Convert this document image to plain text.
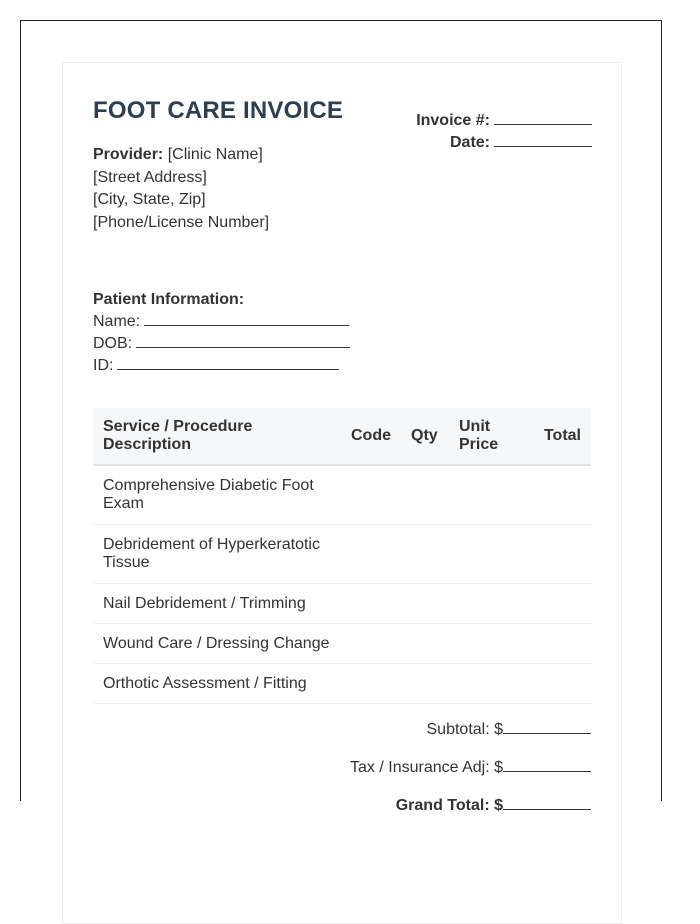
FOOT CARE INVOICE	Invoice #:
Date:
Provider: [Clinic Name]
[Street Address]
[City, State, Zip]
[Phone/License Number]
Patient Information:
Name:
DOB:
ID:
Service / Procedure Description	Code	Qty	Unit Price	Total
Comprehensive Diabetic Foot Exam				
Debridement of Hyperkeratotic Tissue				
Nail Debridement / Trimming				
Wound Care / Dressing Change				
Orthotic Assessment / Fitting				
Subtotal: $
Tax / Insurance Adj: $
Grand Total: $
